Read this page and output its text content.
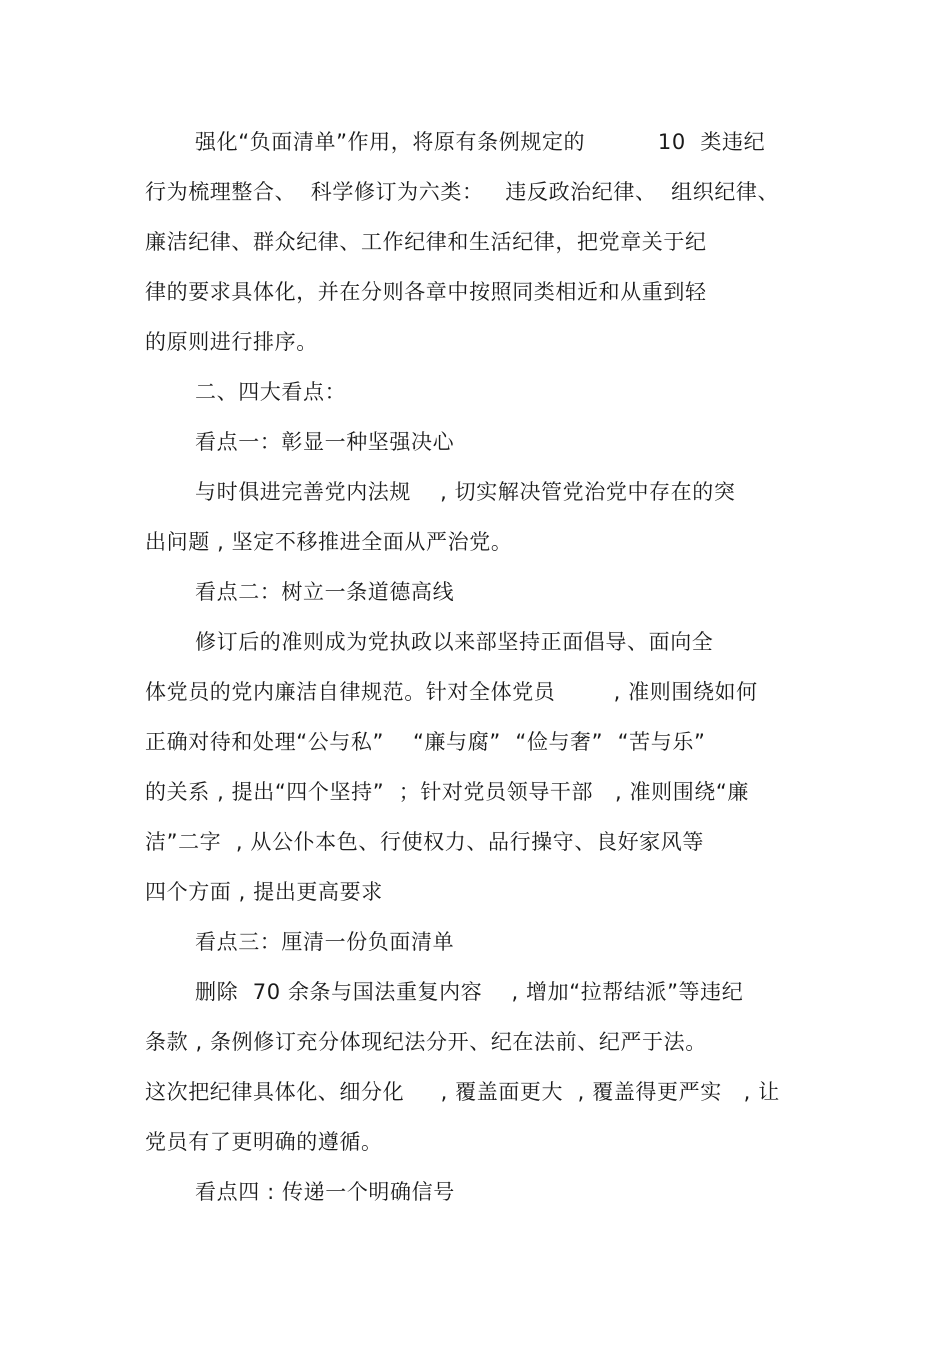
强化“负面清单”作用，将原有条例规定的          10  类违纪
行为梳理整合、  科学修订为六类：   违反政治纪律、  组织纪律、
廉洁纪律、群众纪律、工作纪律和生活纪律，把党章关于纪
律的要求具体化，并在分则各章中按照同类相近和从重到轻
的原则进行排序。
二、四大看点：
看点一：彰显一种坚强决心
与时俱进完善党内法规    , 切实解决管党治党中存在的突
出问题 , 坚定不移推进全面从严治党。
看点二：树立一条道德高线
修订后的准则成为党执政以来部坚持正面倡导、面向全
体党员的党内廉洁自律规范。针对全体党员        , 准则围绕如何
正确对待和处理“公与私”    “廉与腐”  “俭与奢”  “苦与乐”
的关系 , 提出“四个坚持”  ；针对党员领导干部   , 准则围绕“廉
洁”二字  , 从公仆本色、行使权力、品行操守、良好家风等
四个方面 , 提出更高要求
看点三：厘清一份负面清单
删除  70 余条与国法重复内容    , 增加“拉帮结派”等违纪
条款 , 条例修订充分体现纪法分开、纪在法前、纪严于法。
这次把纪律具体化、细分化     , 覆盖面更大  , 覆盖得更严实   , 让
党员有了更明确的遵循。
看点四 : 传递一个明确信号
